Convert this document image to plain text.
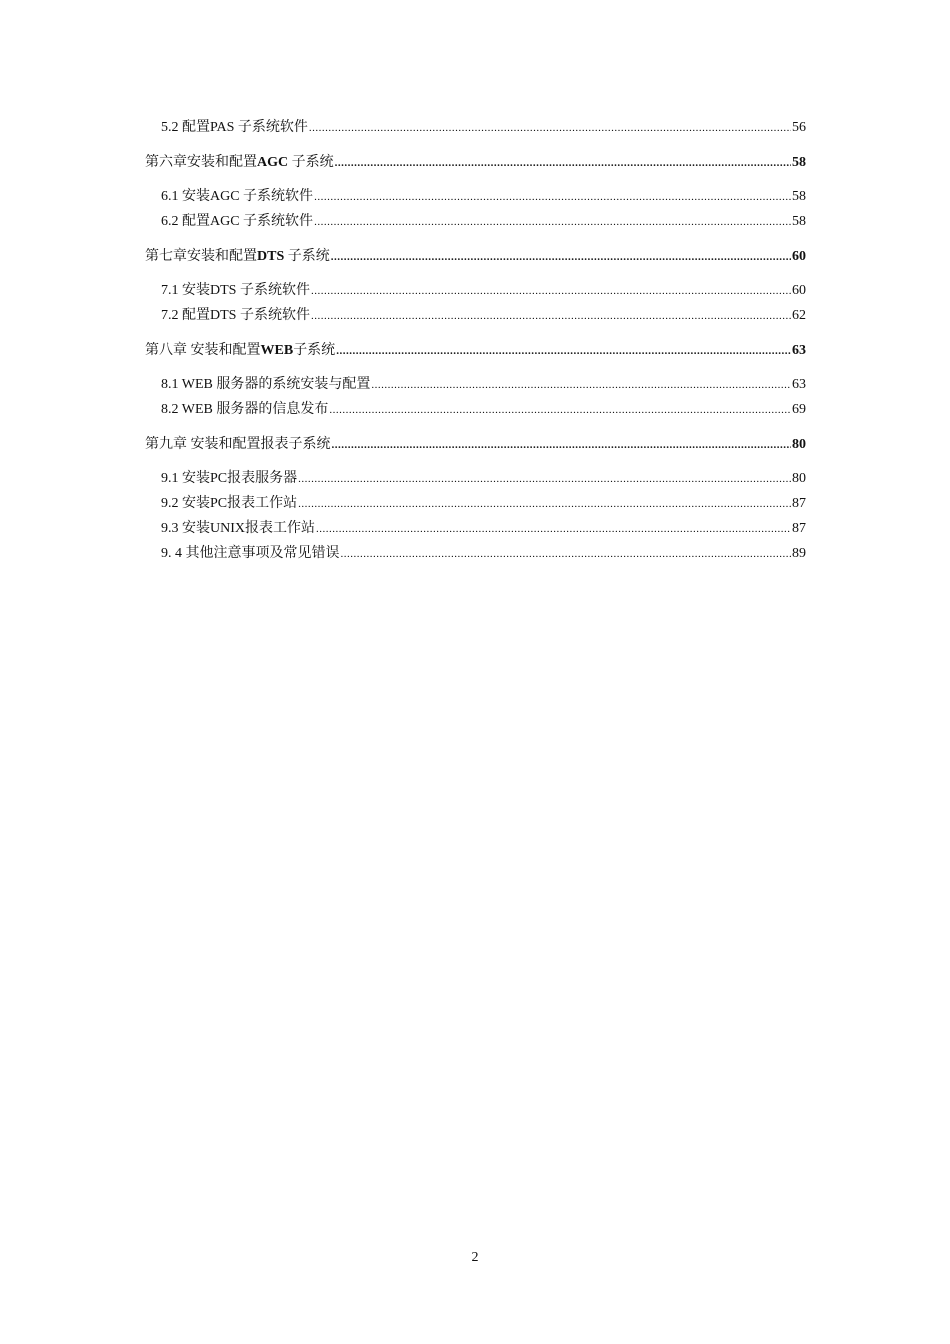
5.2 配置PAS 子系统软件 .....	56
第六章安装和配置AGC 子系统 .....	58
6.1 安装AGC 子系统软件 .....	58
6.2 配置AGC 子系统软件 .....	58
第七章安装和配置DTS 子系统 .....	60
7.1 安装DTS 子系统软件 .....	60
7.2 配置DTS 子系统软件 .....	62
第八章 安装和配置WEB子系统 .....	63
8.1 WEB 服务器的系统安装与配置 .....	63
8.2 WEB 服务器的信息发布 .....	69
第九章 安装和配置报表子系统 .....	80
9.1 安装PC报表服务器 .....	80
9.2 安装PC报表工作站 .....	87
9.3 安装UNIX报表工作站 .....	87
9. 4 其他注意事项及常见错误 .....	89
2
